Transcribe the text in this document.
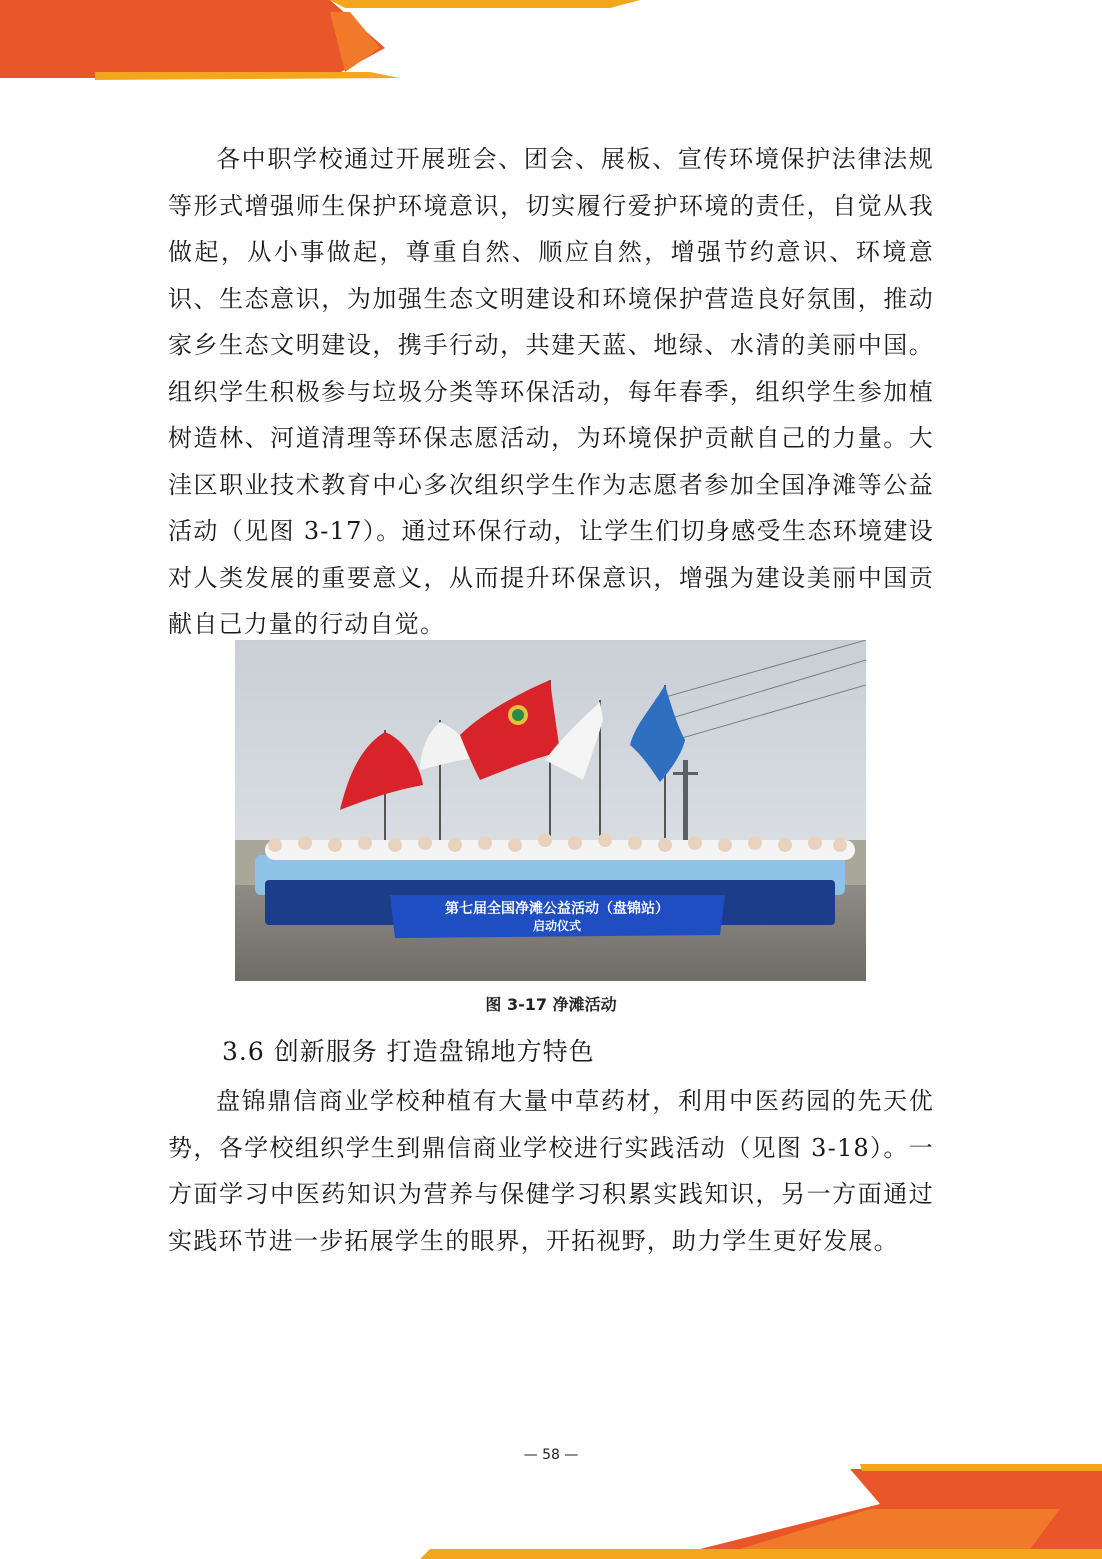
各中职学校通过开展班会、团会、展板、宣传环境保护法律法规等形式增强师生保护环境意识，切实履行爱护环境的责任，自觉从我做起，从小事做起，尊重自然、顺应自然，增强节约意识、环境意识、生态意识，为加强生态文明建设和环境保护营造良好氛围，推动家乡生态文明建设，携手行动，共建天蓝、地绿、水清的美丽中国。组织学生积极参与垃圾分类等环保活动，每年春季，组织学生参加植树造林、河道清理等环保志愿活动，为环境保护贡献自己的力量。大洼区职业技术教育中心多次组织学生作为志愿者参加全国净滩等公益活动（见图 3-17）。通过环保行动，让学生们切身感受生态环境建设对人类发展的重要意义，从而提升环保意识，增强为建设美丽中国贡献自己力量的行动自觉。

第七届全国净滩公益活动（盘锦站）
启动仪式
图 3-17 净滩活动
3.6 创新服务 打造盘锦地方特色

盘锦鼎信商业学校种植有大量中草药材，利用中医药园的先天优势，各学校组织学生到鼎信商业学校进行实践活动（见图 3-18）。一方面学习中医药知识为营养与保健学习积累实践知识，另一方面通过实践环节进一步拓展学生的眼界，开拓视野，助力学生更好发展。

— 58 —
